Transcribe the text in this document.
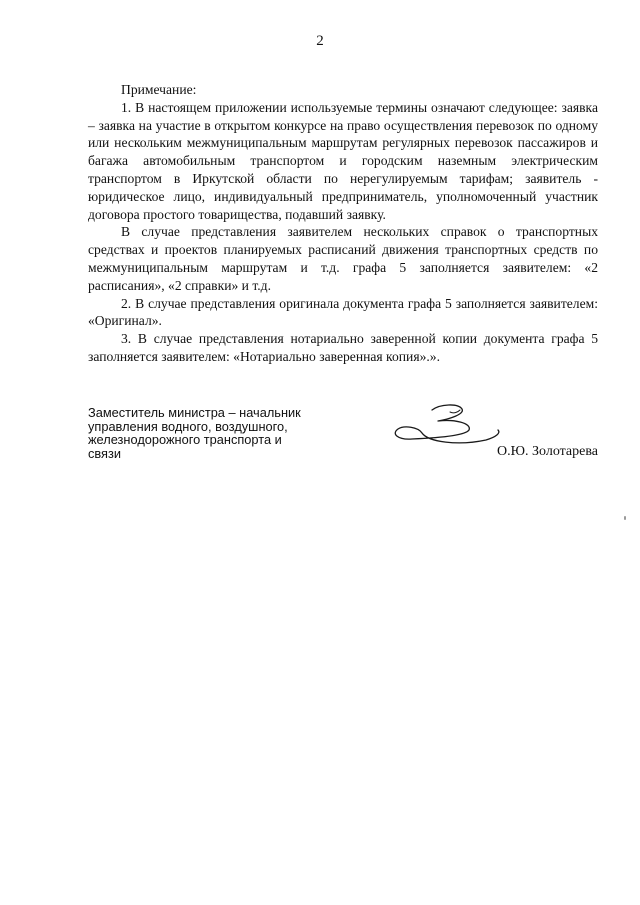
2

Примечание:

1. В настоящем приложении используемые термины означают следующее: заявка – заявка на участие в открытом конкурсе на право осуществления перевозок по одному или нескольким межмуниципальным маршрутам регулярных перевозок пассажиров и багажа автомобильным транспортом и городским наземным электрическим транспортом в Иркутской области по нерегулируемым тарифам; заявитель - юридическое лицо, индивидуальный предприниматель, уполномоченный участник договора простого товарищества, подавший заявку.

В случае представления заявителем нескольких справок о транспортных средствах и проектов планируемых расписаний движения транспортных средств по межмуниципальным маршрутам и т.д. графа 5 заполняется заявителем: «2 расписания», «2 справки» и т.д.

2. В случае представления оригинала документа графа 5 заполняется заявителем: «Оригинал».

3. В случае представления нотариально заверенной копии документа графа 5 заполняется заявителем: «Нотариально заверенная копия».».

Заместитель министра – начальник
управления водного, воздушного,
железнодорожного транспорта и
связи	О.Ю. Золотарева
